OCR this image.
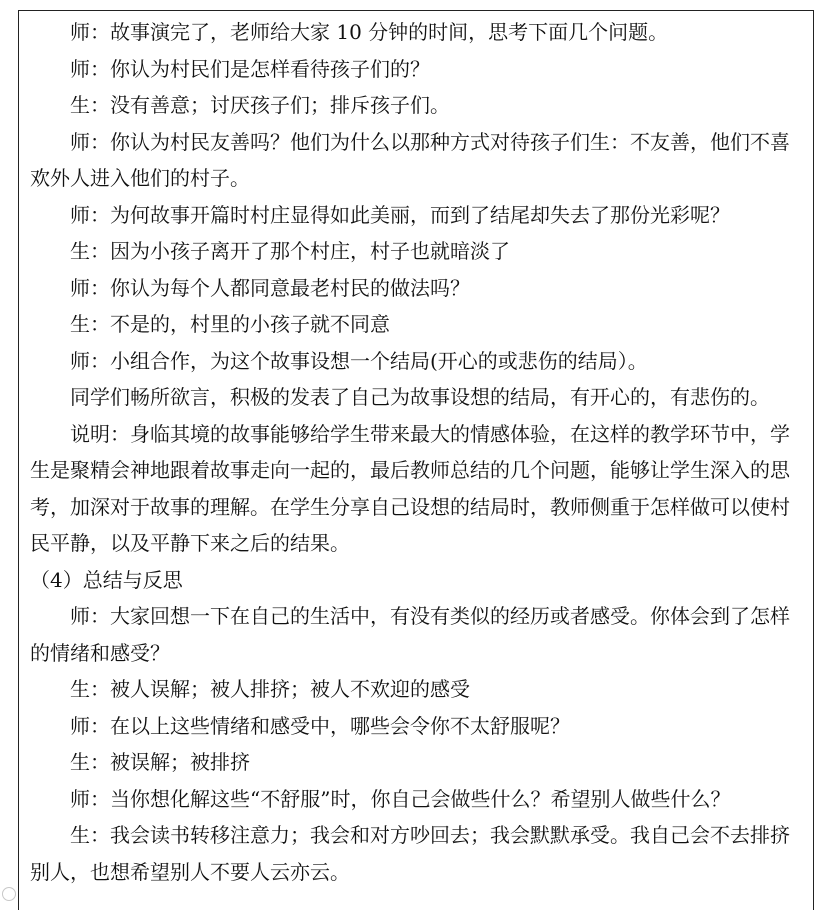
师：故事演完了，老师给大家 10 分钟的时间，思考下面几个问题。

师：你认为村民们是怎样看待孩子们的？

生：没有善意；讨厌孩子们；排斥孩子们。

师：你认为村民友善吗？他们为什么以那种方式对待孩子们生：不友善，他们不喜欢外人进入他们的村子。

师：为何故事开篇时村庄显得如此美丽，而到了结尾却失去了那份光彩呢？

生：因为小孩子离开了那个村庄，村子也就暗淡了

师：你认为每个人都同意最老村民的做法吗？

生：不是的，村里的小孩子就不同意

师：小组合作，为这个故事设想一个结局(开心的或悲伤的结局）。

同学们畅所欲言，积极的发表了自己为故事设想的结局，有开心的，有悲伤的。

说明：身临其境的故事能够给学生带来最大的情感体验，在这样的教学环节中，学生是聚精会神地跟着故事走向一起的，最后教师总结的几个问题，能够让学生深入的思考，加深对于故事的理解。在学生分享自己设想的结局时，教师侧重于怎样做可以使村民平静，以及平静下来之后的结果。

（4）总结与反思

师：大家回想一下在自己的生活中，有没有类似的经历或者感受。你体会到了怎样的情绪和感受？

生：被人误解；被人排挤；被人不欢迎的感受

师：在以上这些情绪和感受中，哪些会令你不太舒服呢？

生：被误解；被排挤

师：当你想化解这些“不舒服”时，你自己会做些什么？希望别人做些什么？

生：我会读书转移注意力；我会和对方吵回去；我会默默承受。我自己会不去排挤别人，也想希望别人不要人云亦云。
